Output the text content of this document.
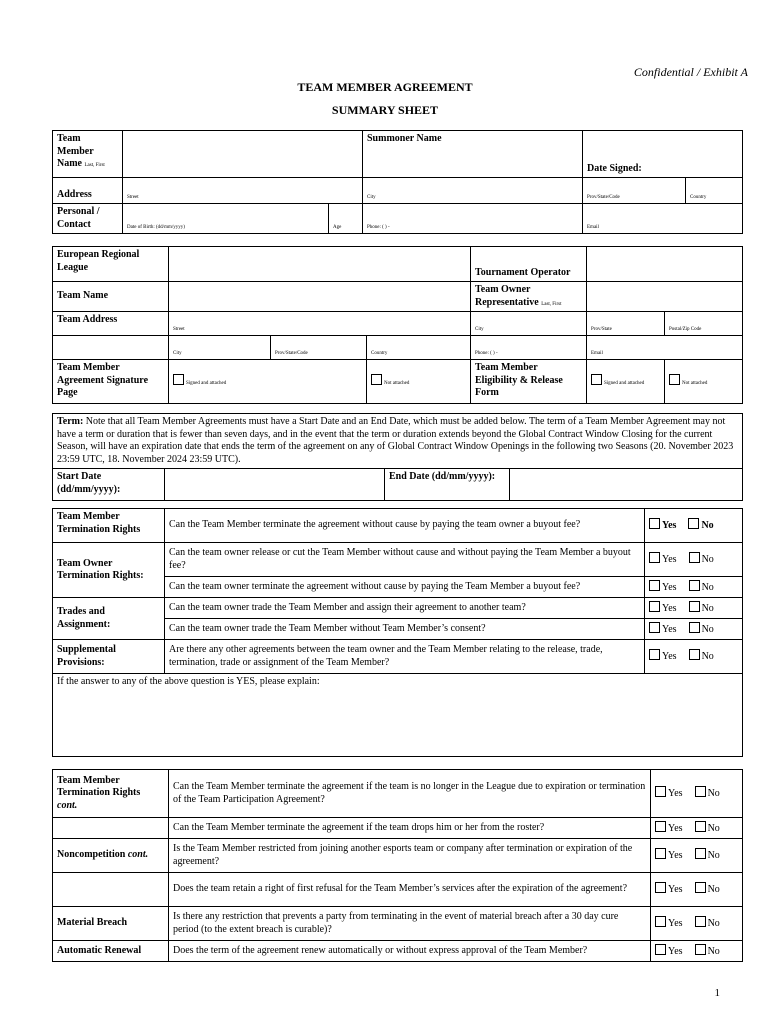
Confidential / Exhibit A
TEAM MEMBER AGREEMENT
SUMMARY SHEET
Team Member Name Last, First			Summoner Name	Date Signed:	
Address	Street		City	Prov/State/Code	Country
Personal / Contact	Date of Birth: (dd/mm/yyyy)	Age	Phone: ( ) -	Email	
European Regional League				Tournament Operator		
Team Name				Team Owner Representative Last, First		
Team Address	Street			City	Prov/State	Postal/Zip Code
	City	Prov/State/Code	Country	Phone: ( ) -	Email	
Team Member Agreement Signature Page	Signed and attached		Not attached	Team Member Eligibility & Release Form	Signed and attached	Not attached
Term: Note that all Team Member Agreements must have a Start Date and an End Date, which must be added below. The term of a Team Member Agreement may not have a term or duration that is fewer than seven days, and in the event that the term or duration extends beyond the Global Contract Window Closing for the current Season, will have an expiration date that ends the term of the agreement on any of Global Contract Window Openings in the following two Seasons (20. November 2023 23:59 UTC, 18. November 2024 23:59 UTC).
Start Date (dd/mm/yyyy):		End Date (dd/mm/yyyy):	
Team Member Termination Rights	Can the Team Member terminate the agreement without cause by paying the team owner a buyout fee?	Yes No
Team Owner Termination Rights:	Can the team owner release or cut the Team Member without cause and without paying the Team Member a buyout fee?	Yes No
	Can the team owner terminate the agreement without cause by paying the Team Member a buyout fee?	Yes No
Trades and Assignment:	Can the team owner trade the Team Member and assign their agreement to another team?	Yes No
	Can the team owner trade the Team Member without Team Member’s consent?	Yes No
Supplemental Provisions:	Are there any other agreements between the team owner and the Team Member relating to the release, trade, termination, trade or assignment of the Team Member?	Yes No
If the answer to any of the above question is YES, please explain:		
Team Member Termination Rights
cont.	Can the Team Member terminate the agreement if the team is no longer in the League due to expiration or termination of the Team Participation Agreement?	Yes No
	Can the Team Member terminate the agreement if the team drops him or her from the roster?	Yes No
Noncompetition cont.	Is the Team Member restricted from joining another esports team or company after termination or expiration of the agreement?	Yes No
	Does the team retain a right of first refusal for the Team Member’s services after the expiration of the agreement?	Yes No
Material Breach	Is there any restriction that prevents a party from terminating in the event of material breach after a 30 day cure period (to the extent breach is curable)?	Yes No
Automatic Renewal	Does the term of the agreement renew automatically or without express approval of the Team Member?	Yes No
1
